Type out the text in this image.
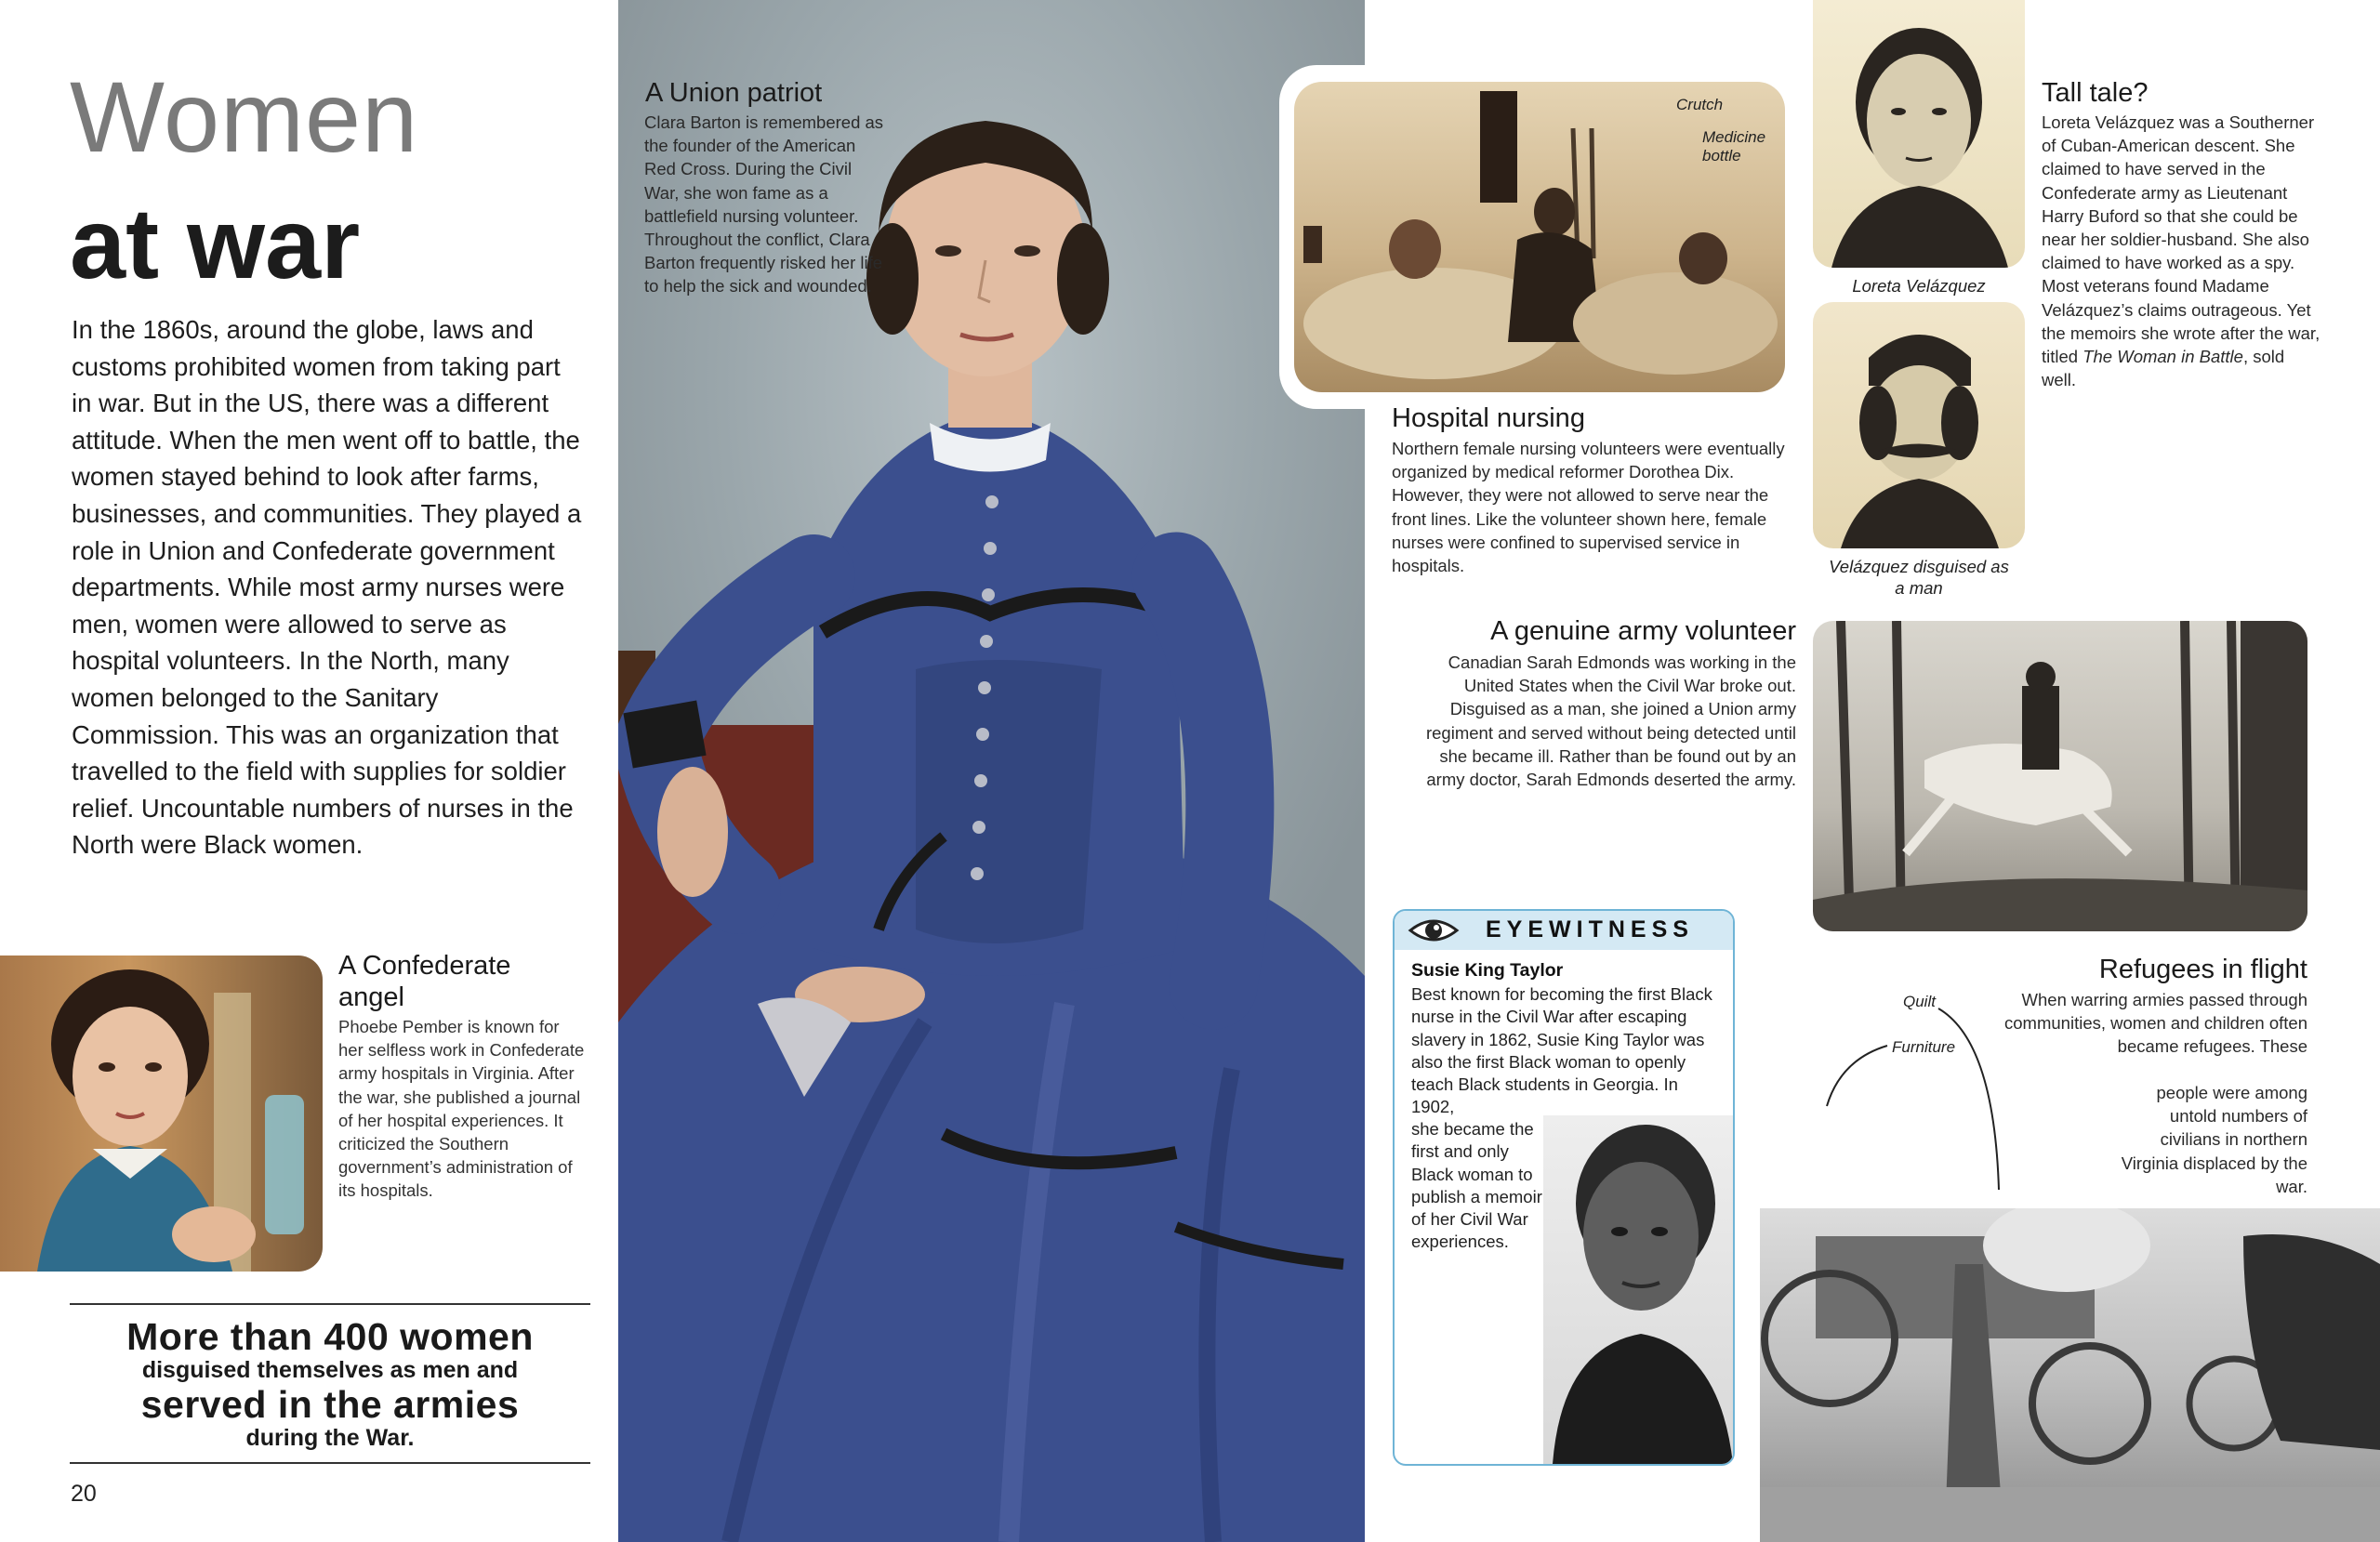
Women
at war
In the 1860s, around the globe, laws and customs prohibited women from taking part in war. But in the US, there was a different attitude. When the men went off to battle, the women stayed behind to look after farms, businesses, and communities. They played a role in Union and Confederate government departments. While most army nurses were men, women were allowed to serve as hospital volunteers. In the North, many women belonged to the Sanitary Commission. This was an organization that travelled to the field with supplies for soldier relief. Uncountable numbers of nurses in the North were Black women.
A Confederate angel
Phoebe Pember is known for her selfless work in Confederate army hospitals in Virginia. After the war, she published a journal of her hospital experiences. It criticized the Southern government’s administration of its hospitals.
More than 400 women
disguised themselves as men and
served in the armies
during the War.
20
A Union patriot
Clara Barton is remembered as the founder of the American Red Cross. During the Civil War, she won fame as a battlefield nursing volunteer. Throughout the conflict, Clara Barton frequently risked her life to help the sick and wounded.
Crutch
Medicine bottle
Hospital nursing
Northern female nursing volunteers were eventually organized by medical reformer Dorothea Dix. However, they were not allowed to serve near the front lines. Like the volunteer shown here, female nurses were confined to supervised service in hospitals.
Loreta Velázquez
Velázquez disguised as a man
Tall tale?
Loreta Velázquez was a Southerner of Cuban-American descent. She claimed to have served in the Confederate army as Lieutenant Harry Buford so that she could be near her soldier-husband. She also claimed to have worked as a spy. Most veterans found Madame Velázquez’s claims outrageous. Yet the memoirs she wrote after the war, titled The Woman in Battle, sold well.
A genuine army volunteer
Canadian Sarah Edmonds was working in the United States when the Civil War broke out. Disguised as a man, she joined a Union army regiment and served without being detected until she became ill. Rather than be found out by an army doctor, Sarah Edmonds deserted the army.
EYEWITNESS
Susie King Taylor
Best known for becoming the first Black nurse in the Civil War after escaping slavery in 1862, Susie King Taylor was also the first Black woman to openly teach Black students in Georgia. In 1902,
she became the first and only Black woman to publish a memoir of her Civil War experiences.
Refugees in flight
When warring armies passed through communities, women and children often became refugees. These
people were among untold numbers of civilians in northern Virginia displaced by the war.
Quilt
Furniture
